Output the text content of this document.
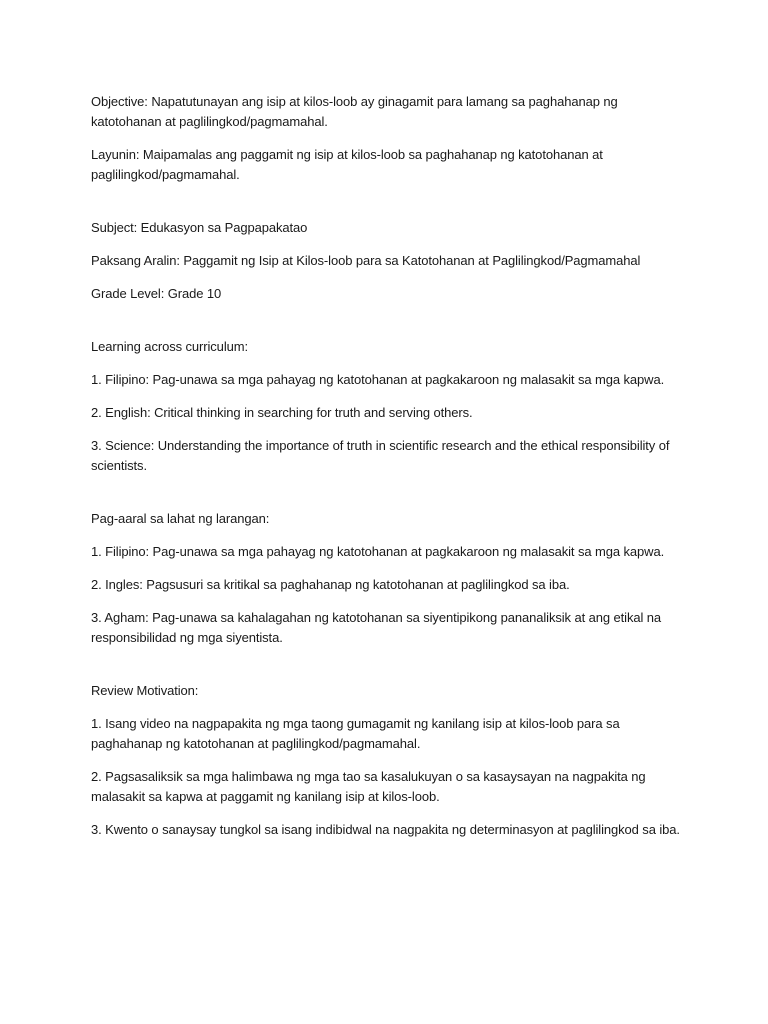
Objective: Napatutunayan ang isip at kilos-loob ay ginagamit para lamang sa paghahanap ng katotohanan at paglilingkod/pagmamahal.

Layunin: Maipamalas ang paggamit ng isip at kilos-loob sa paghahanap ng katotohanan at paglilingkod/pagmamahal.

Subject: Edukasyon sa Pagpapakatao

Paksang Aralin: Paggamit ng Isip at Kilos-loob para sa Katotohanan at Paglilingkod/Pagmamahal

Grade Level: Grade 10

Learning across curriculum:

1. Filipino: Pag-unawa sa mga pahayag ng katotohanan at pagkakaroon ng malasakit sa mga kapwa.

2. English: Critical thinking in searching for truth and serving others.

3. Science: Understanding the importance of truth in scientific research and the ethical responsibility of scientists.

Pag-aaral sa lahat ng larangan:

1. Filipino: Pag-unawa sa mga pahayag ng katotohanan at pagkakaroon ng malasakit sa mga kapwa.

2. Ingles: Pagsusuri sa kritikal sa paghahanap ng katotohanan at paglilingkod sa iba.

3. Agham: Pag-unawa sa kahalagahan ng katotohanan sa siyentipikong pananaliksik at ang etikal na responsibilidad ng mga siyentista.

Review Motivation:

1. Isang video na nagpapakita ng mga taong gumagamit ng kanilang isip at kilos-loob para sa paghahanap ng katotohanan at paglilingkod/pagmamahal.

2. Pagsasaliksik sa mga halimbawa ng mga tao sa kasalukuyan o sa kasaysayan na nagpakita ng malasakit sa kapwa at paggamit ng kanilang isip at kilos-loob.

3. Kwento o sanaysay tungkol sa isang indibidwal na nagpakita ng determinasyon at paglilingkod sa iba.
